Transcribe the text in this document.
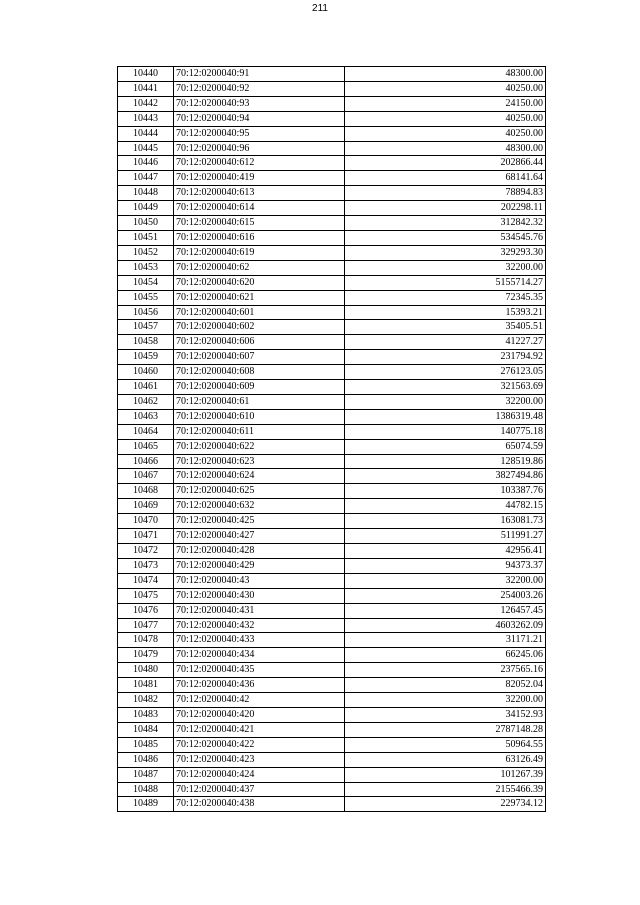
211
10440	70:12:0200040:91	48300.00
10441	70:12:0200040:92	40250.00
10442	70:12:0200040:93	24150.00
10443	70:12:0200040:94	40250.00
10444	70:12:0200040:95	40250.00
10445	70:12:0200040:96	48300.00
10446	70:12:0200040:612	202866.44
10447	70:12:0200040:419	68141.64
10448	70:12:0200040:613	78894.83
10449	70:12:0200040:614	202298.11
10450	70:12:0200040:615	312842.32
10451	70:12:0200040:616	534545.76
10452	70:12:0200040:619	329293.30
10453	70:12:0200040:62	32200.00
10454	70:12:0200040:620	5155714.27
10455	70:12:0200040:621	72345.35
10456	70:12:0200040:601	15393.21
10457	70:12:0200040:602	35405.51
10458	70:12:0200040:606	41227.27
10459	70:12:0200040:607	231794.92
10460	70:12:0200040:608	276123.05
10461	70:12:0200040:609	321563.69
10462	70:12:0200040:61	32200.00
10463	70:12:0200040:610	1386319.48
10464	70:12:0200040:611	140775.18
10465	70:12:0200040:622	65074.59
10466	70:12:0200040:623	128519.86
10467	70:12:0200040:624	3827494.86
10468	70:12:0200040:625	103387.76
10469	70:12:0200040:632	44782.15
10470	70:12:0200040:425	163081.73
10471	70:12:0200040:427	511991.27
10472	70:12:0200040:428	42956.41
10473	70:12:0200040:429	94373.37
10474	70:12:0200040:43	32200.00
10475	70:12:0200040:430	254003.26
10476	70:12:0200040:431	126457.45
10477	70:12:0200040:432	4603262.09
10478	70:12:0200040:433	31171.21
10479	70:12:0200040:434	66245.06
10480	70:12:0200040:435	237565.16
10481	70:12:0200040:436	82052.04
10482	70:12:0200040:42	32200.00
10483	70:12:0200040:420	34152.93
10484	70:12:0200040:421	2787148.28
10485	70:12:0200040:422	50964.55
10486	70:12:0200040:423	63126.49
10487	70:12:0200040:424	101267.39
10488	70:12:0200040:437	2155466.39
10489	70:12:0200040:438	229734.12
